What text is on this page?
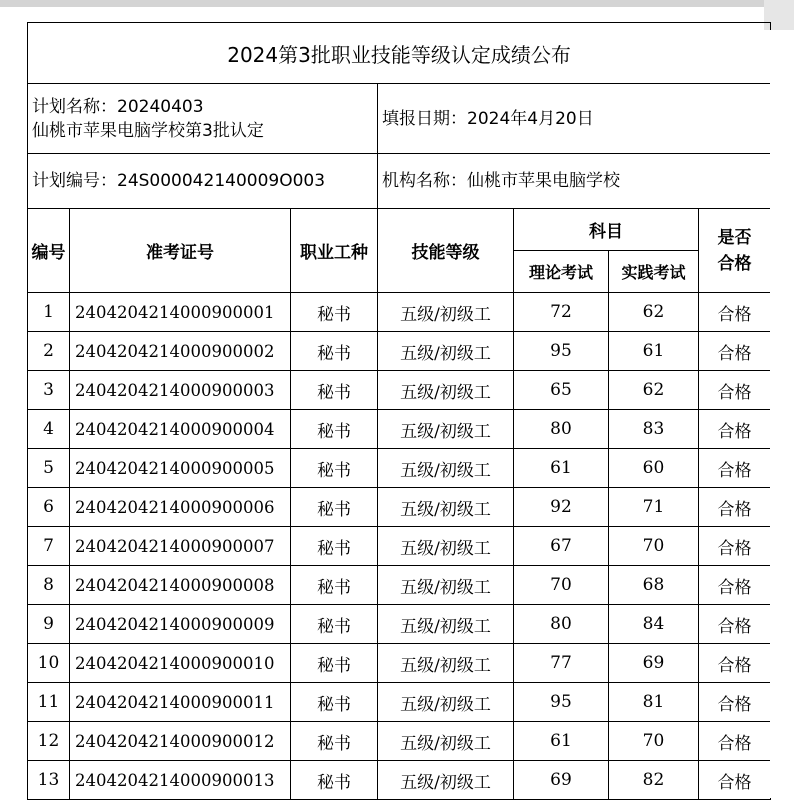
2024第3批职业技能等级认定成绩公布						

计划名称：20240403
仙桃市苹果电脑学校第3批认定			填报日期：2024年4月20日			
计划编号：24S000042140009O003			机构名称：仙桃市苹果电脑学校			
编号	准考证号	职业工种	技能等级	科目		是否
合格

				理论考试	实践考试	
1	2404204214000900001	秘书	五级/初级工	72	62	合格
2	2404204214000900002	秘书	五级/初级工	95	61	合格
3	2404204214000900003	秘书	五级/初级工	65	62	合格
4	2404204214000900004	秘书	五级/初级工	80	83	合格
5	2404204214000900005	秘书	五级/初级工	61	60	合格
6	2404204214000900006	秘书	五级/初级工	92	71	合格
7	2404204214000900007	秘书	五级/初级工	67	70	合格
8	2404204214000900008	秘书	五级/初级工	70	68	合格
9	2404204214000900009	秘书	五级/初级工	80	84	合格
10	2404204214000900010	秘书	五级/初级工	77	69	合格
11	2404204214000900011	秘书	五级/初级工	95	81	合格
12	2404204214000900012	秘书	五级/初级工	61	70	合格
13	2404204214000900013	秘书	五级/初级工	69	82	合格
